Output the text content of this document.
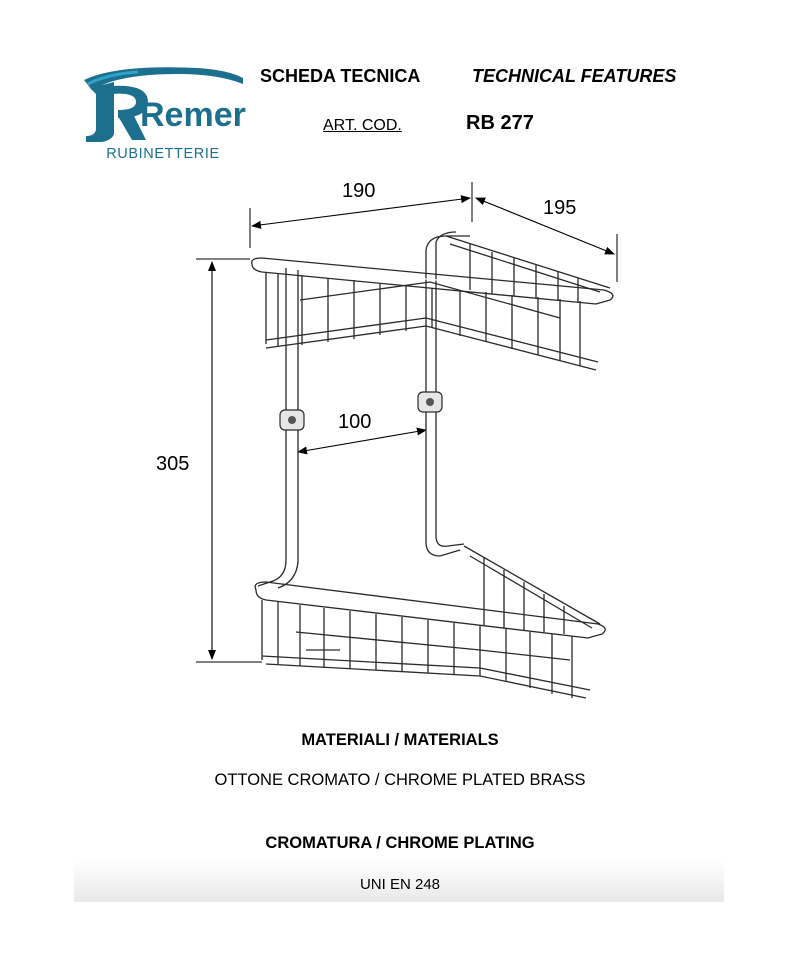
Remer
RUBINETTERIE
SCHEDA TECNICA	TECHNICAL FEATURES
ART. COD.	RB 277
190
195
305
100
MATERIALI / MATERIALS
OTTONE CROMATO / CHROME PLATED BRASS
CROMATURA / CHROME PLATING
UNI EN 248
